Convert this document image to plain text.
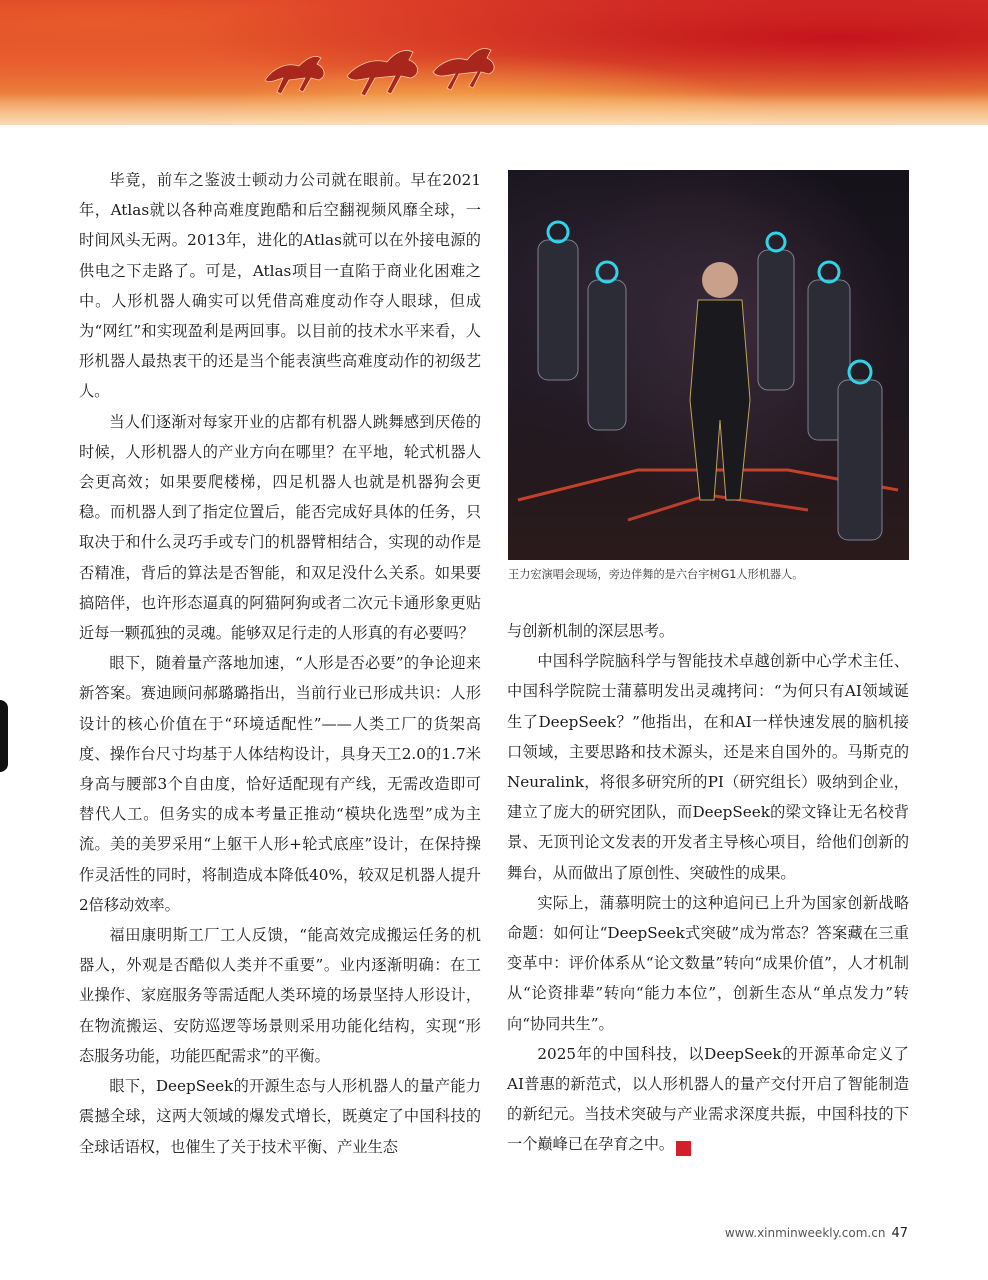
毕竟，前车之鉴波士顿动力公司就在眼前。早在2021年，Atlas就以各种高难度跑酷和后空翻视频风靡全球，一时间风头无两。2013年，进化的Atlas就可以在外接电源的供电之下走路了。可是，Atlas项目一直陷于商业化困难之中。人形机器人确实可以凭借高难度动作夺人眼球，但成为“网红”和实现盈利是两回事。以目前的技术水平来看，人形机器人最热衷干的还是当个能表演些高难度动作的初级艺人。

当人们逐渐对每家开业的店都有机器人跳舞感到厌倦的时候，人形机器人的产业方向在哪里？在平地，轮式机器人会更高效；如果要爬楼梯，四足机器人也就是机器狗会更稳。而机器人到了指定位置后，能否完成好具体的任务，只取决于和什么灵巧手或专门的机器臂相结合，实现的动作是否精准，背后的算法是否智能，和双足没什么关系。如果要搞陪伴，也许形态逼真的阿猫阿狗或者二次元卡通形象更贴近每一颗孤独的灵魂。能够双足行走的人形真的有必要吗？

眼下，随着量产落地加速，“人形是否必要”的争论迎来新答案。赛迪顾问郝璐璐指出，当前行业已形成共识：人形设计的核心价值在于“环境适配性”——人类工厂的货架高度、操作台尺寸均基于人体结构设计，具身天工2.0的1.7米身高与腰部3个自由度，恰好适配现有产线，无需改造即可替代人工。但务实的成本考量正推动“模块化选型”成为主流。美的美罗采用“上躯干人形+轮式底座”设计，在保持操作灵活性的同时，将制造成本降低40%，较双足机器人提升2倍移动效率。

福田康明斯工厂工人反馈，“能高效完成搬运任务的机器人，外观是否酷似人类并不重要”。业内逐渐明确：在工业操作、家庭服务等需适配人类环境的场景坚持人形设计，在物流搬运、安防巡逻等场景则采用功能化结构，实现“形态服务功能，功能匹配需求”的平衡。

眼下，DeepSeek的开源生态与人形机器人的量产能力震撼全球，这两大领域的爆发式增长，既奠定了中国科技的全球话语权，也催生了关于技术平衡、产业生态

王力宏演唱会现场，旁边伴舞的是六台宇树G1人形机器人。

与创新机制的深层思考。

中国科学院脑科学与智能技术卓越创新中心学术主任、中国科学院院士蒲慕明发出灵魂拷问：“为何只有AI领域诞生了DeepSeek？”他指出，在和AI一样快速发展的脑机接口领域，主要思路和技术源头，还是来自国外的。马斯克的Neuralink，将很多研究所的PI（研究组长）吸纳到企业，建立了庞大的研究团队，而DeepSeek的梁文锋让无名校背景、无顶刊论文发表的开发者主导核心项目，给他们创新的舞台，从而做出了原创性、突破性的成果。

实际上，蒲慕明院士的这种追问已上升为国家创新战略命题：如何让“DeepSeek式突破”成为常态？答案藏在三重变革中：评价体系从“论文数量”转向“成果价值”，人才机制从“论资排辈”转向“能力本位”，创新生态从“单点发力”转向“协同共生”。

2025年的中国科技，以DeepSeek的开源革命定义了AI普惠的新范式，以人形机器人的量产交付开启了智能制造的新纪元。当技术突破与产业需求深度共振，中国科技的下一个巅峰已在孕育之中。	民

www.xinminweekly.com.cn 47
